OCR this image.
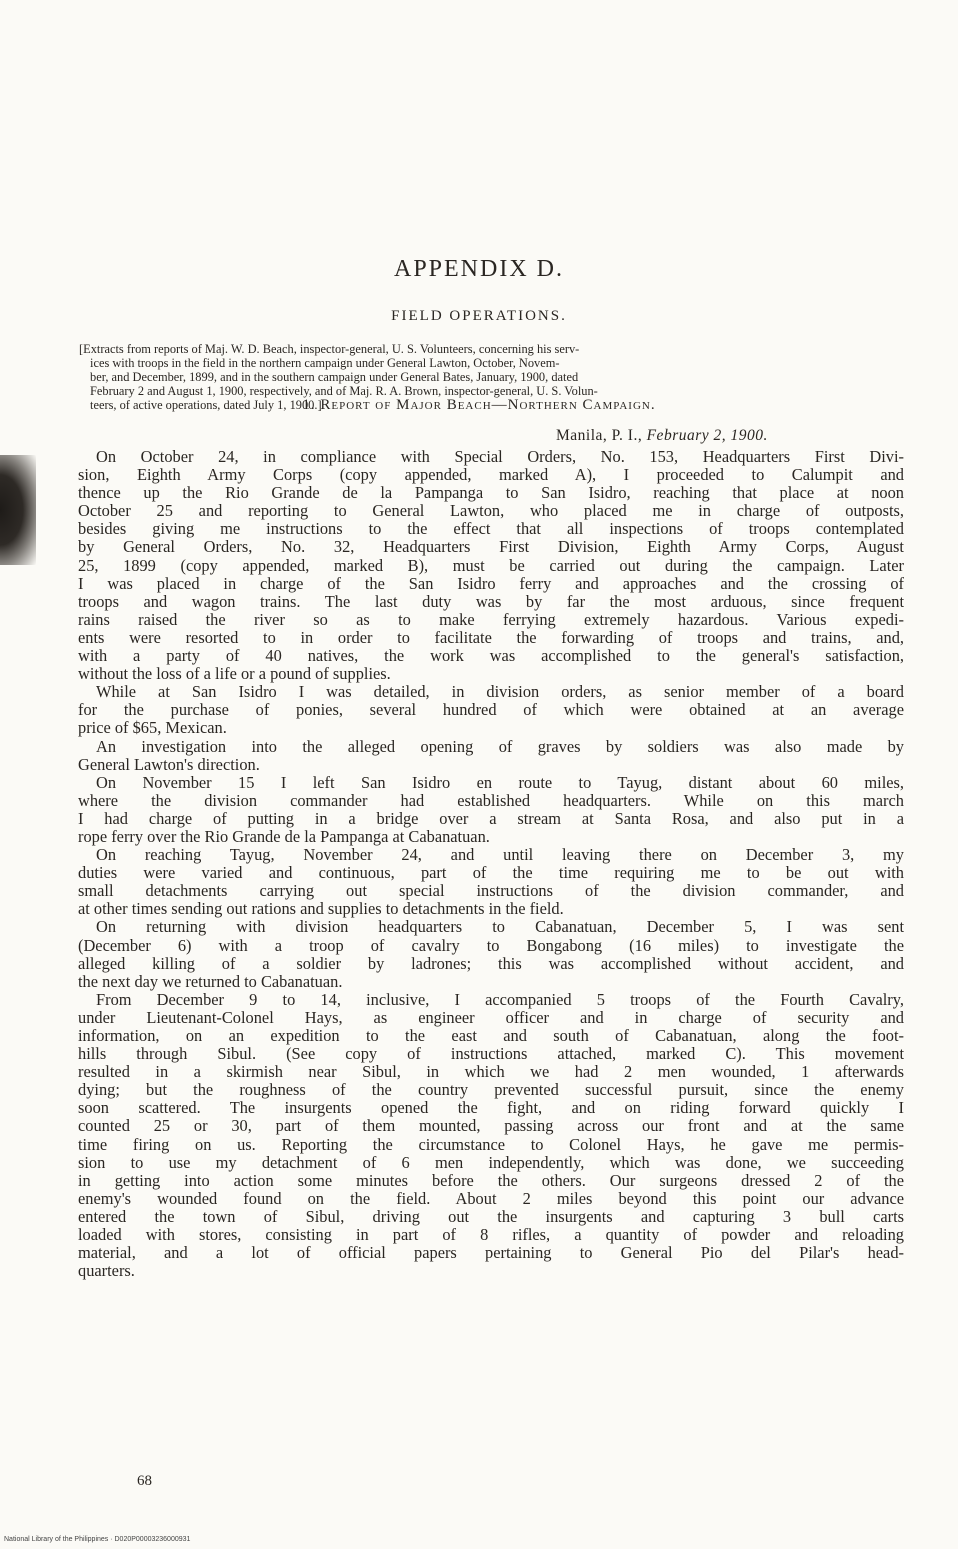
APPENDIX D.
FIELD OPERATIONS.
[Extracts from reports of Maj. W. D. Beach, inspector-general, U. S. Volunteers, concerning his serv-
ices with troops in the field in the northern campaign under General Lawton, October, Novem-
ber, and December, 1899, and in the southern campaign under General Bates, January, 1900, dated
February 2 and August 1, 1900, respectively, and of Maj. R. A. Brown, inspector-general, U. S. Volun-
teers, of active operations, dated July 1, 1900.]
1. Report of Major Beach—Northern Campaign.
Manila, P. I., February 2, 1900.
On October 24, in compliance with Special Orders, No. 153, Headquarters First Divi-
sion, Eighth Army Corps (copy appended, marked A), I proceeded to Calumpit and
thence up the Rio Grande de la Pampanga to San Isidro, reaching that place at noon
October 25 and reporting to General Lawton, who placed me in charge of outposts,
besides giving me instructions to the effect that all inspections of troops contemplated
by General Orders, No. 32, Headquarters First Division, Eighth Army Corps, August
25, 1899 (copy appended, marked B), must be carried out during the campaign. Later
I was placed in charge of the San Isidro ferry and approaches and the crossing of
troops and wagon trains. The last duty was by far the most arduous, since frequent
rains raised the river so as to make ferrying extremely hazardous. Various expedi-
ents were resorted to in order to facilitate the forwarding of troops and trains, and,
with a party of 40 natives, the work was accomplished to the general's satisfaction,
without the loss of a life or a pound of supplies.
While at San Isidro I was detailed, in division orders, as senior member of a board
for the purchase of ponies, several hundred of which were obtained at an average
price of $65, Mexican.
An investigation into the alleged opening of graves by soldiers was also made by
General Lawton's direction.
On November 15 I left San Isidro en route to Tayug, distant about 60 miles,
where the division commander had established headquarters. While on this march
I had charge of putting in a bridge over a stream at Santa Rosa, and also put in a
rope ferry over the Rio Grande de la Pampanga at Cabanatuan.
On reaching Tayug, November 24, and until leaving there on December 3, my
duties were varied and continuous, part of the time requiring me to be out with
small detachments carrying out special instructions of the division commander, and
at other times sending out rations and supplies to detachments in the field.
On returning with division headquarters to Cabanatuan, December 5, I was sent
(December 6) with a troop of cavalry to Bongabong (16 miles) to investigate the
alleged killing of a soldier by ladrones; this was accomplished without accident, and
the next day we returned to Cabanatuan.
From December 9 to 14, inclusive, I accompanied 5 troops of the Fourth Cavalry,
under Lieutenant-Colonel Hays, as engineer officer and in charge of security and
information, on an expedition to the east and south of Cabanatuan, along the foot-
hills through Sibul. (See copy of instructions attached, marked C). This movement
resulted in a skirmish near Sibul, in which we had 2 men wounded, 1 afterwards
dying; but the roughness of the country prevented successful pursuit, since the enemy
soon scattered. The insurgents opened the fight, and on riding forward quickly I
counted 25 or 30, part of them mounted, passing across our front and at the same
time firing on us. Reporting the circumstance to Colonel Hays, he gave me permis-
sion to use my detachment of 6 men independently, which was done, we succeeding
in getting into action some minutes before the others. Our surgeons dressed 2 of the
enemy's wounded found on the field. About 2 miles beyond this point our advance
entered the town of Sibul, driving out the insurgents and capturing 3 bull carts
loaded with stores, consisting in part of 8 rifles, a quantity of powder and reloading
material, and a lot of official papers pertaining to General Pio del Pilar's head-
quarters.
68
National Library of the Philippines · D020P00003236000931
